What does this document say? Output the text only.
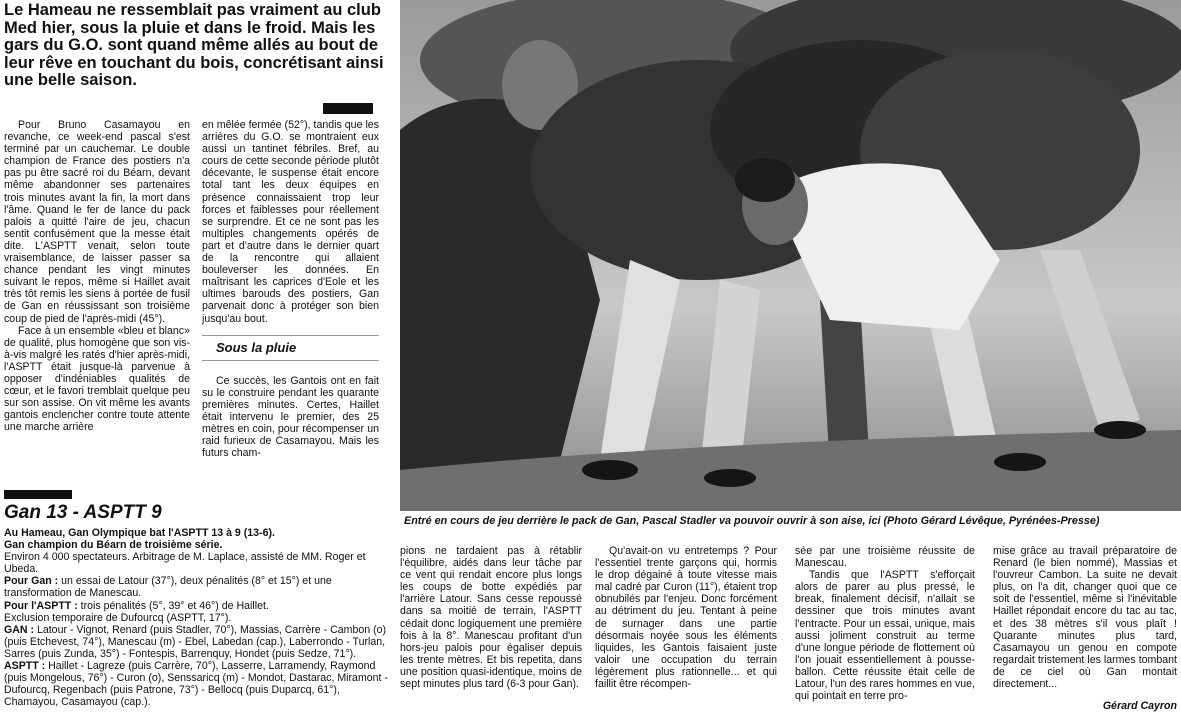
Le Hameau ne ressemblait pas vraiment au club Med hier, sous la pluie et dans le froid. Mais les gars du G.O. sont quand même allés au bout de leur rêve en touchant du bois, concrétisant ainsi une belle saison.

Pour Bruno Casamayou en revanche, ce week-end pascal s'est terminé par un cauchemar. Le double champion de France des postiers n'a pas pu être sacré roi du Béarn, devant même abandonner ses partenaires trois minutes avant la fin, la mort dans l'âme. Quand le fer de lance du pack palois a quitté l'aire de jeu, chacun sentit confusément que la messe était dite. L'ASPTT venait, selon toute vraisemblance, de laisser passer sa chance pendant les vingt minutes suivant le repos, même si Haillet avait très tôt remis les siens à portée de fusil de Gan en réussissant son troisième coup de pied de l'après-midi (45°).

Face à un ensemble «bleu et blanc» de qualité, plus homogène que son vis-à-vis malgré les ratés d'hier après-midi, l'ASPTT était jusque-là parvenue à opposer d'indéniables qualités de cœur, et le favori tremblait quelque peu sur son assise. On vit même les avants gantois enclencher contre toute attente une marche arrière

en mêlée fermée (52°), tandis que les arrières du G.O. se montraient eux aussi un tantinet fébriles. Bref, au cours de cette seconde période plutôt décevante, le suspense était encore total tant les deux équipes en présence connaissaient trop leur forces et faiblesses pour réellement se surprendre. Et ce ne sont pas les multiples changements opérés de part et d'autre dans le dernier quart de la rencontre qui allaient bouleverser les données. En maîtrisant les caprices d'Eole et les ultimes barouds des postiers, Gan parvenait donc à protéger son bien jusqu'au bout.

Sous la pluie

Ce succès, les Gantois ont en fait su le construire pendant les quarante premières minutes. Certes, Haillet était intervenu le premier, des 25 mètres en coin, pour récompenser un raid furieux de Casamayou. Mais les futurs cham-

Entré en cours de jeu derrière le pack de Gan, Pascal Stadler va pouvoir ouvrir à son aise, ici (Photo Gérard Lévêque, Pyrénées-Presse)

Gan 13 - ASPTT 9

Au Hameau, Gan Olympique bat l'ASPTT 13 à 9 (13-6).

Gan champion du Béarn de troisième série.

Environ 4 000 spectateurs. Arbitrage de M. Laplace, assisté de MM. Roger et Ubeda.

Pour Gan : un essai de Latour (37°), deux pénalités (8° et 15°) et une transformation de Manescau.

Pour l'ASPTT : trois pénalités (5°, 39° et 46°) de Haillet.

Exclusion temporaire de Dufourcq (ASPTT, 17°).

GAN : Latour - Vignot, Renard (puis Stadler, 70°), Massias, Carrère - Cambon (o) (puis Etchevest, 74°), Manescau (m) - Ebel, Labedan (cap.), Laberrondo - Turlan, Sarres (puis Zunda, 35°) - Fontespis, Barrenquy, Hondet (puis Sedze, 71°).

ASPTT : Haillet - Lagreze (puis Carrère, 70°), Lasserre, Larramendy, Raymond (puis Mongelous, 76°) - Curon (o), Senssaricq (m) - Mondot, Dastarac, Miramont - Dufourcq, Regenbach (puis Patrone, 73°) - Bellocq (puis Duparcq, 61°), Chamayou, Casamayou (cap.).

pions ne tardaient pas à rétablir l'équilibre, aidés dans leur tâche par ce vent qui rendait encore plus longs les coups de botte expédiés par l'arrière Latour. Sans cesse repoussé dans sa moitié de terrain, l'ASPTT cédait donc logiquement une première fois à la 8°. Manescau profitant d'un hors-jeu palois pour égaliser depuis les trente mètres. Et bis repetita, dans une position quasi-identique, moins de sept minutes plus tard (6-3 pour Gan).

Qu'avait-on vu entretemps ? Pour l'essentiel trente garçons qui, hormis le drop dégainé à toute vitesse mais mal cadré par Curon (11°), étaient trop obnubilés par l'enjeu. Donc forcément au détriment du jeu. Tentant à peine de surnager dans une partie désormais noyée sous les éléments liquides, les Gantois faisaient juste valoir une occupation du terrain légèrement plus rationnelle... et qui faillit être récompen-

sée par une troisième réussite de Manescau.

Tandis que l'ASPTT s'efforçait alors de parer au plus pressé, le break, finalement décisif, n'allait se dessiner que trois minutes avant l'entracte. Pour un essai, unique, mais aussi joliment construit au terme d'une longue période de flottement où l'on jouait essentiellement à pousse-ballon. Cette réussite était celle de Latour, l'un des rares hommes en vue, qui pointait en terre pro-

mise grâce au travail préparatoire de Renard (le bien nommé), Massias et l'ouvreur Cambon. La suite ne devait plus, on l'a dit, changer quoi que ce soit de l'essentiel, même si l'inévitable Haillet répondait encore du tac au tac, et des 38 mètres s'il vous plaît ! Quarante minutes plus tard, Casamayou un genou en compote regardait tristement les larmes tombant de ce ciel où Gan montait directement...

Gérard Cayron
